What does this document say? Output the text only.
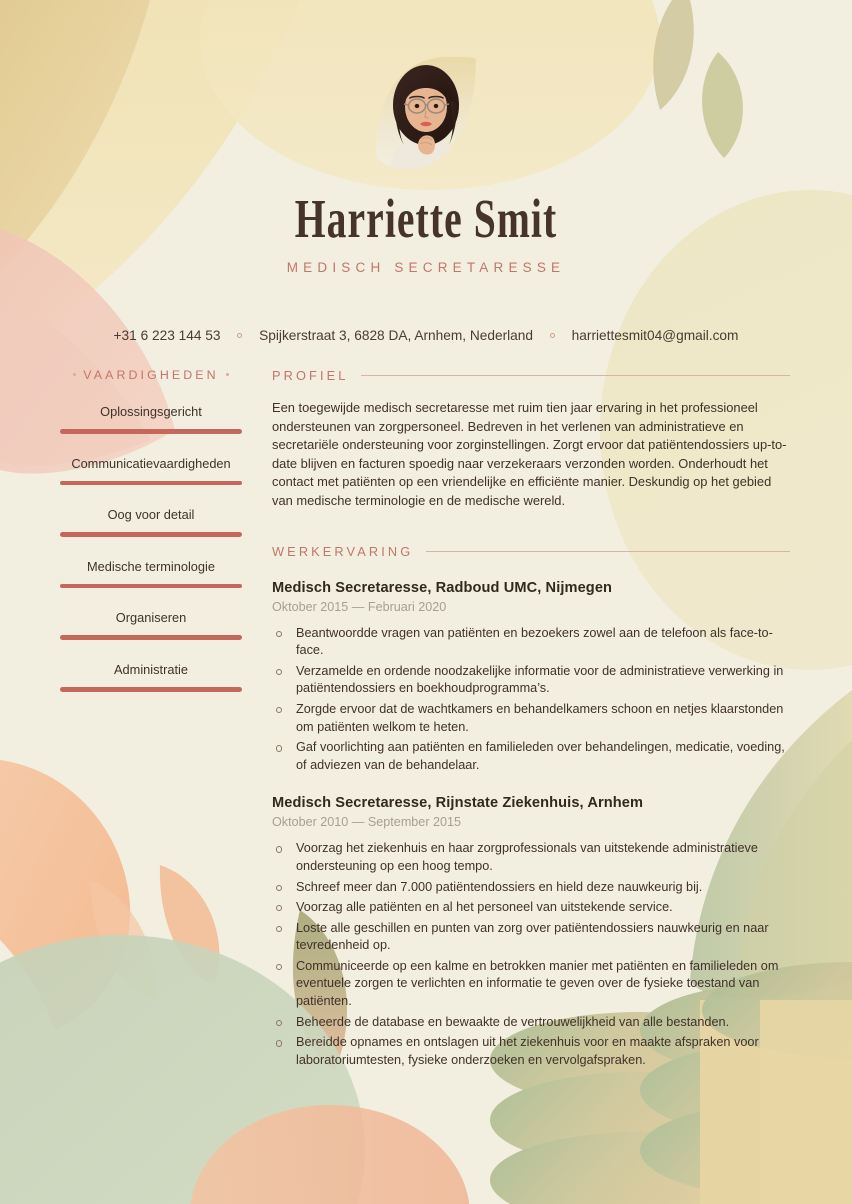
Harriette Smit
MEDISCH SECRETARESSE
+31 6 223 144 53	Spijkerstraat 3, 6828 DA, Arnhem, Nederland	harriettesmit04@gmail.com
VAARDIGHEDEN
Oplossingsgericht
Communicatievaardigheden
Oog voor detail
Medische terminologie
Organiseren
Administratie
PROFIEL

Een toegewijde medisch secretaresse met ruim tien jaar ervaring in het professioneel ondersteunen van zorgpersoneel. Bedreven in het verlenen van administratieve en secretariële ondersteuning voor zorginstellingen. Zorgt ervoor dat patiëntendossiers up-to-date blijven en facturen spoedig naar verzekeraars verzonden worden. Onderhoudt het contact met patiënten op een vriendelijke en efficiënte manier. Deskundig op het gebied van medische terminologie en de medische wereld.

WERKERVARING
Medisch Secretaresse, Radboud UMC, Nijmegen
Oktober 2015 — Februari 2020
Beantwoordde vragen van patiënten en bezoekers zowel aan de telefoon als face-to-face.
Verzamelde en ordende noodzakelijke informatie voor de administratieve verwerking in patiëntendossiers en boekhoudprogramma’s.
Zorgde ervoor dat de wachtkamers en behandelkamers schoon en netjes klaarstonden om patiënten welkom te heten.
Gaf voorlichting aan patiënten en familieleden over behandelingen, medicatie, voeding, of adviezen van de behandelaar.
Medisch Secretaresse, Rijnstate Ziekenhuis, Arnhem
Oktober 2010 — September 2015
Voorzag het ziekenhuis en haar zorgprofessionals van uitstekende administratieve ondersteuning op een hoog tempo.
Schreef meer dan 7.000 patiëntendossiers en hield deze nauwkeurig bij.
Voorzag alle patiënten en al het personeel van uitstekende service.
Loste alle geschillen en punten van zorg over patiëntendossiers nauwkeurig en naar tevredenheid op.
Communiceerde op een kalme en betrokken manier met patiënten en familieleden om eventuele zorgen te verlichten en informatie te geven over de fysieke toestand van patiënten.
Beheerde de database en bewaakte de vertrouwelijkheid van alle bestanden.
Bereidde opnames en ontslagen uit het ziekenhuis voor en maakte afspraken voor laboratoriumtesten, fysieke onderzoeken en vervolgafspraken.
